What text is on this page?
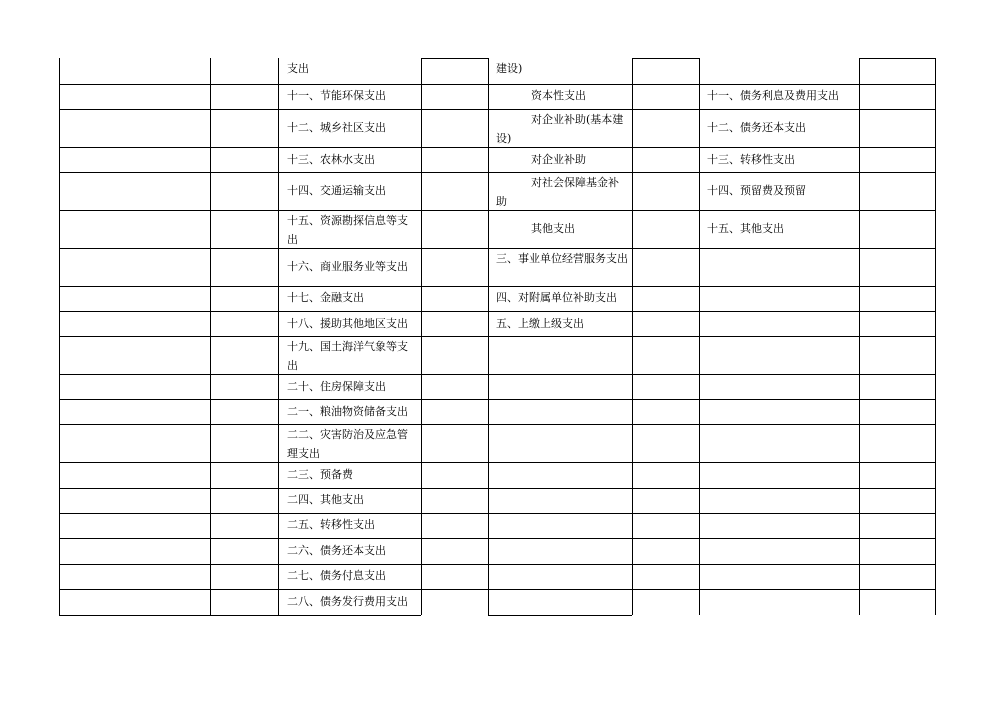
支出
十一、节能环保支出
十二、城乡社区支出
十三、农林水支出
十四、交通运输支出
十五、资源勘探信息等支出
十六、商业服务业等支出
十七、金融支出
十八、援助其他地区支出
十九、国土海洋气象等支出
二十、住房保障支出
二一、粮油物资储备支出
二二、灾害防治及应急管理支出
二三、预备费
二四、其他支出
二五、转移性支出
二六、债务还本支出
二七、债务付息支出
二八、债务发行费用支出
建设)
资本性支出
对企业补助(基本建设)
对企业补助
对社会保障基金补助
其他支出
三、事业单位经营服务支出
四、对附属单位补助支出
五、上缴上级支出
十一、债务利息及费用支出
十二、债务还本支出
十三、转移性支出
十四、预留费及预留
十五、其他支出
